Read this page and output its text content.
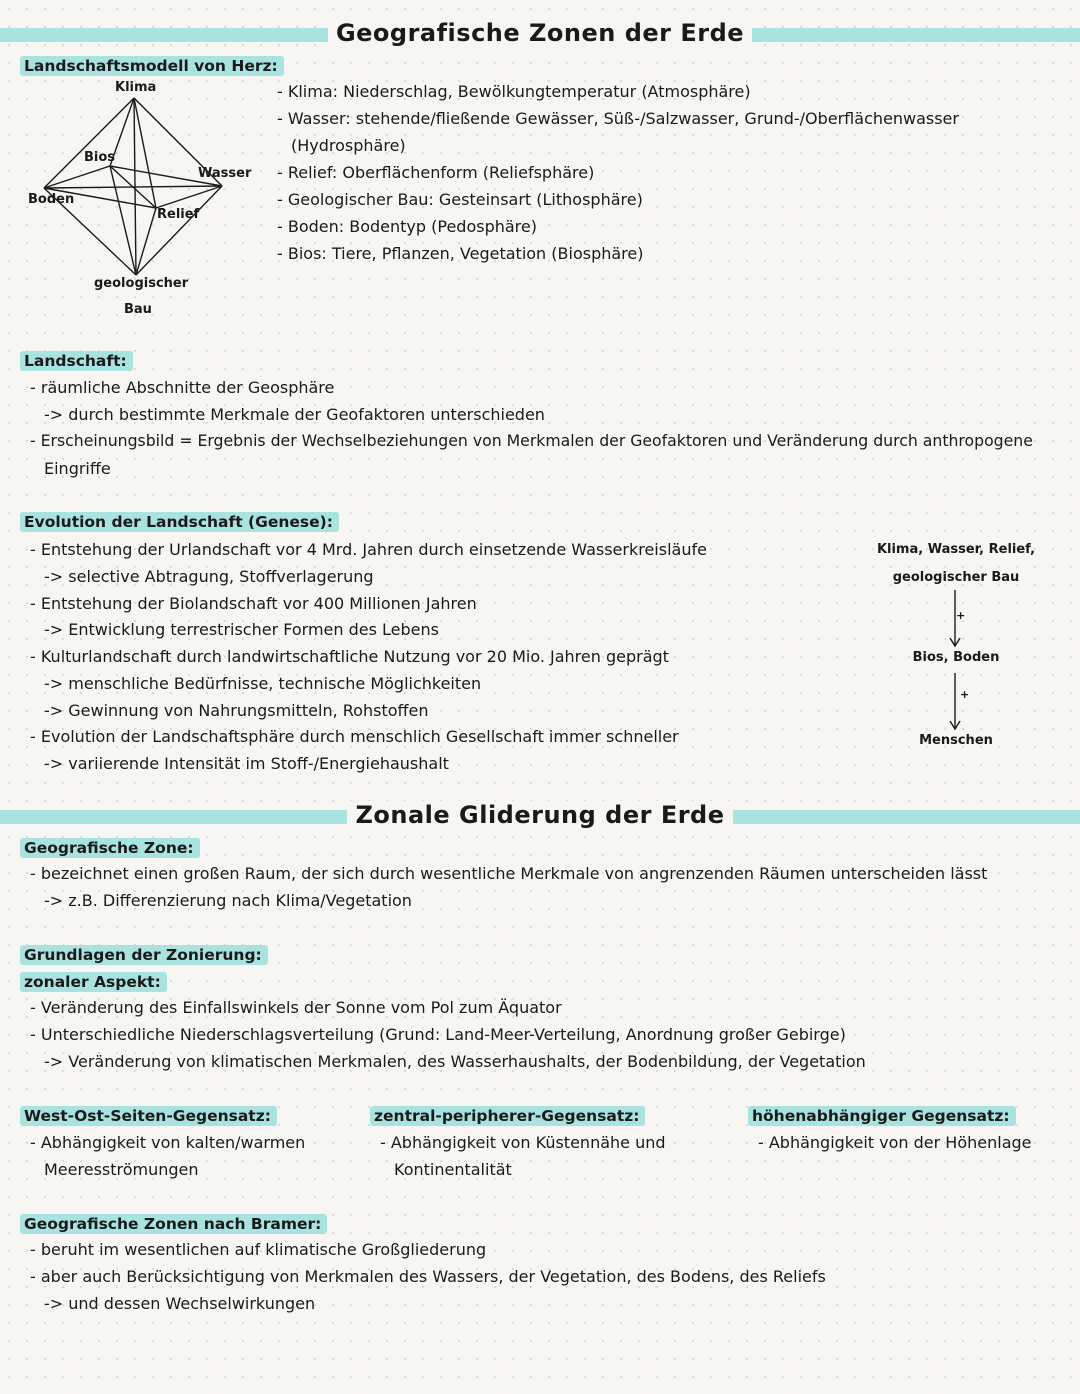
Geografische Zonen der Erde
Landschaftsmodell von Herz:
Klima
Bios
Wasser
Boden
Relief
geologischer
Bau
- Klima: Niederschlag, Bewölkungtemperatur (Atmosphäre)
- Wasser: stehende/fließende Gewässer, Süß-/Salzwasser, Grund-/Oberflächenwasser
(Hydrosphäre)
- Relief: Oberflächenform (Reliefsphäre)
- Geologischer Bau: Gesteinsart (Lithosphäre)
- Boden: Bodentyp (Pedosphäre)
- Bios: Tiere, Pflanzen, Vegetation (Biosphäre)
Landschaft:
- räumliche Abschnitte der Geosphäre
-> durch bestimmte Merkmale der Geofaktoren unterschieden
- Erscheinungsbild = Ergebnis der Wechselbeziehungen von Merkmalen der Geofaktoren und Veränderung durch anthropogene
Eingriffe
Evolution der Landschaft (Genese):
- Entstehung der Urlandschaft vor 4 Mrd. Jahren durch einsetzende Wasserkreisläufe
-> selective Abtragung, Stoffverlagerung
- Entstehung der Biolandschaft vor 400 Millionen Jahren
-> Entwicklung terrestrischer Formen des Lebens
- Kulturlandschaft durch landwirtschaftliche Nutzung vor 20 Mio. Jahren geprägt
-> menschliche Bedürfnisse, technische Möglichkeiten
-> Gewinnung von Nahrungsmitteln, Rohstoffen
- Evolution der Landschaftsphäre durch menschlich Gesellschaft immer schneller
-> variierende Intensität im Stoff-/Energiehaushalt
Klima, Wasser, Relief,
geologischer Bau
+
Bios, Boden
+
Menschen
Zonale Gliderung der Erde
Geografische Zone:
- bezeichnet einen großen Raum, der sich durch wesentliche Merkmale von angrenzenden Räumen unterscheiden lässt
-> z.B. Differenzierung nach Klima/Vegetation
Grundlagen der Zonierung:
zonaler Aspekt:
- Veränderung des Einfallswinkels der Sonne vom Pol zum Äquator
- Unterschiedliche Niederschlagsverteilung (Grund: Land-Meer-Verteilung, Anordnung großer Gebirge)
-> Veränderung von klimatischen Merkmalen, des Wasserhaushalts, der Bodenbildung, der Vegetation
West-Ost-Seiten-Gegensatz:
- Abhängigkeit von kalten/warmen
Meeresströmungen
zentral-peripherer-Gegensatz:
- Abhängigkeit von Küstennähe und
Kontinentalität
höhenabhängiger Gegensatz:
- Abhängigkeit von der Höhenlage
Geografische Zonen nach Bramer:
- beruht im wesentlichen auf klimatische Großgliederung
- aber auch Berücksichtigung von Merkmalen des Wassers, der Vegetation, des Bodens, des Reliefs
-> und dessen Wechselwirkungen
